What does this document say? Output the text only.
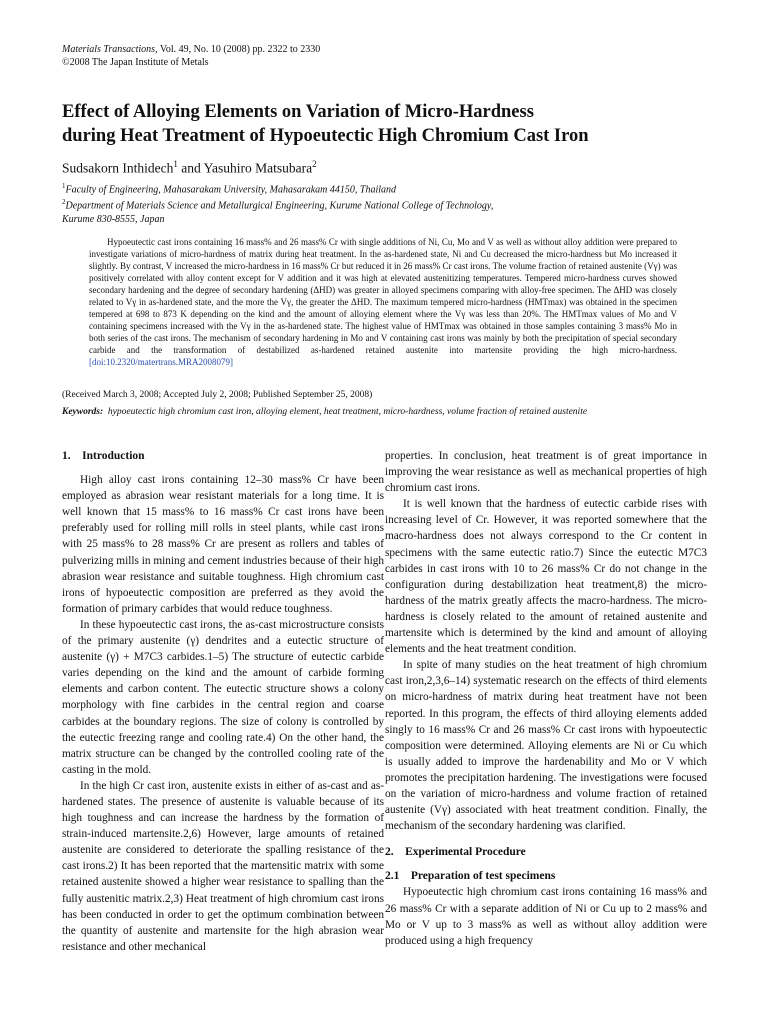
Materials Transactions, Vol. 49, No. 10 (2008) pp. 2322 to 2330
©2008 The Japan Institute of Metals
Effect of Alloying Elements on Variation of Micro-Hardness
during Heat Treatment of Hypoeutectic High Chromium Cast Iron
Sudsakorn Inthidech$^1$ and Yasuhiro Matsubara$^2$
$^1$Faculty of Engineering, Mahasarakam University, Mahasarakam 44150, Thailand
$^2$Department of Materials Science and Metallurgical Engineering, Kurume National College of Technology,
Kurume 830-8555, Japan
Hypoeutectic cast irons containing 16 mass% and 26 mass% Cr with single additions of Ni, Cu, Mo and V as well as without alloy addition were prepared to investigate variations of micro-hardness of matrix during heat treatment. In the as-hardened state, Ni and Cu decreased the micro-hardness but Mo increased it slightly. By contrast, V increased the micro-hardness in 16 mass% Cr but reduced it in 26 mass% Cr cast irons. The volume fraction of retained austenite (Vγ) was positively correlated with alloy content except for V addition and it was high at elevated austenitizing temperatures. Tempered micro-hardness curves showed secondary hardening and the degree of secondary hardening (ΔHD) was greater in alloyed specimens comparing with alloy-free specimen. The ΔHD was closely related to Vγ in as-hardened state, and the more the Vγ, the greater the ΔHD. The maximum tempered micro-hardness (HMTmax) was obtained in the specimen tempered at 698 to 873 K depending on the kind and the amount of alloying element where the Vγ was less than 20%. The HMTmax values of Mo and V containing specimens increased with the Vγ in the as-hardened state. The highest value of HMTmax was obtained in those samples containing 3 mass% Mo in both series of the cast irons. The mechanism of secondary hardening in Mo and V containing cast irons was mainly by both the precipitation of special secondary carbide and the transformation of destabilized as-hardened retained austenite into martensite providing the high micro-hardness. [doi:10.2320/matertrans.MRA2008079]
(Received March 3, 2008; Accepted July 2, 2008; Published September 25, 2008)
Keywords: hypoeutectic high chromium cast iron, alloying element, heat treatment, micro-hardness, volume fraction of retained austenite
1. Introduction

High alloy cast irons containing 12–30 mass% Cr have been employed as abrasion wear resistant materials for a long time. It is well known that 15 mass% to 16 mass% Cr cast irons have been preferably used for rolling mill rolls in steel plants, while cast irons with 25 mass% to 28 mass% Cr are present as rollers and tables of pulverizing mills in mining and cement industries because of their high abrasion wear resistance and suitable toughness. High chromium cast irons of hypoeutectic composition are preferred as they avoid the formation of primary carbides that would reduce toughness.

In these hypoeutectic cast irons, the as-cast microstructure consists of the primary austenite (γ) dendrites and a eutectic structure of austenite (γ) + M7C3 carbides.1–5) The structure of eutectic carbide varies depending on the kind and the amount of carbide forming elements and carbon content. The eutectic structure shows a colony morphology with fine carbides in the central region and coarse carbides at the boundary regions. The size of colony is controlled by the eutectic freezing range and cooling rate.4) On the other hand, the matrix structure can be changed by the controlled cooling rate of the casting in the mold.

In the high Cr cast iron, austenite exists in either of as-cast and as-hardened states. The presence of austenite is valuable because of its high toughness and can increase the hardness by the formation of strain-induced martensite.2,6) However, large amounts of retained austenite are considered to deteriorate the spalling resistance of the cast irons.2) It has been reported that the martensitic matrix with some retained austenite showed a higher wear resistance to spalling than the fully austenitic matrix.2,3) Heat treatment of high chromium cast irons has been conducted in order to get the optimum combination between the quantity of austenite and martensite for the high abrasion wear resistance and other mechanical

properties. In conclusion, heat treatment is of great importance in improving the wear resistance as well as mechanical properties of high chromium cast irons.

It is well known that the hardness of eutectic carbide rises with increasing level of Cr. However, it was reported somewhere that the macro-hardness does not always correspond to the Cr content in specimens with the same eutectic ratio.7) Since the eutectic M7C3 carbides in cast irons with 10 to 26 mass% Cr do not change in the configuration during destabilization heat treatment,8) the micro-hardness of the matrix greatly affects the macro-hardness. The micro-hardness is closely related to the amount of retained austenite and martensite which is determined by the kind and amount of alloying elements and the heat treatment condition.

In spite of many studies on the heat treatment of high chromium cast iron,2,3,6–14) systematic research on the effects of third elements on micro-hardness of matrix during heat treatment have not been reported. In this program, the effects of third alloying elements added singly to 16 mass% Cr and 26 mass% Cr cast irons with hypoeutectic composition were determined. Alloying elements are Ni or Cu which is usually added to improve the hardenability and Mo or V which promotes the precipitation hardening. The investigations were focused on the variation of micro-hardness and volume fraction of retained austenite (Vγ) associated with heat treatment condition. Finally, the mechanism of the secondary hardening was clarified.

2. Experimental Procedure
2.1 Preparation of test specimens

Hypoeutectic high chromium cast irons containing 16 mass% and 26 mass% Cr with a separate addition of Ni or Cu up to 2 mass% and Mo or V up to 3 mass% as well as without alloy addition were produced using a high frequency
